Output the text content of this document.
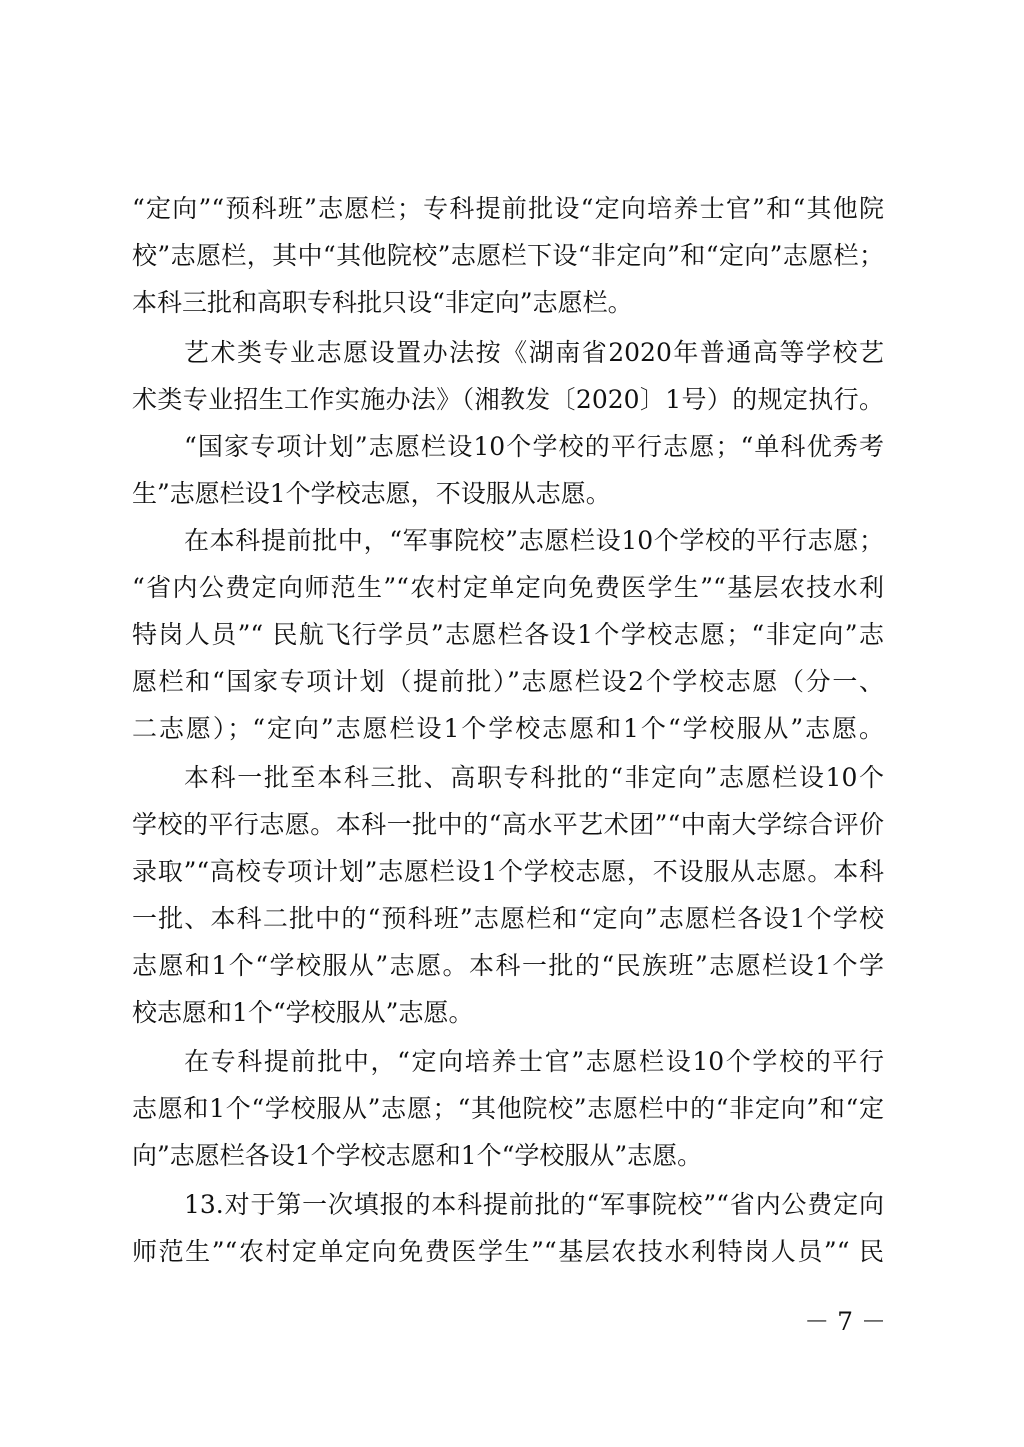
“定向”“预科班”志愿栏；专科提前批设“定向培养士官”和“其他院
校”志愿栏，其中“其他院校”志愿栏下设“非定向”和“定向”志愿栏；
本科三批和高职专科批只设“非定向”志愿栏。
艺术类专业志愿设置办法按《湖南省2020年普通高等学校艺
术类专业招生工作实施办法》（湘教发〔2020〕1号）的规定执行。
“国家专项计划”志愿栏设10个学校的平行志愿；“单科优秀考
生”志愿栏设1个学校志愿，不设服从志愿。
在本科提前批中，“军事院校”志愿栏设10个学校的平行志愿；
“省内公费定向师范生”“农村定单定向免费医学生”“基层农技水利
特岗人员”“ 民航飞行学员”志愿栏各设1个学校志愿；“非定向”志
愿栏和“国家专项计划（提前批）”志愿栏设2个学校志愿（分一、
二志愿）；“定向”志愿栏设1个学校志愿和1个“学校服从”志愿。
本科一批至本科三批、高职专科批的“非定向”志愿栏设10个
学校的平行志愿。本科一批中的“高水平艺术团”“中南大学综合评价
录取”“高校专项计划”志愿栏设1个学校志愿，不设服从志愿。本科
一批、本科二批中的“预科班”志愿栏和“定向”志愿栏各设1个学校
志愿和1个“学校服从”志愿。本科一批的“民族班”志愿栏设1个学
校志愿和1个“学校服从”志愿。
在专科提前批中，“定向培养士官”志愿栏设10个学校的平行
志愿和1个“学校服从”志愿；“其他院校”志愿栏中的“非定向”和“定
向”志愿栏各设1个学校志愿和1个“学校服从”志愿。
13.对于第一次填报的本科提前批的“军事院校”“省内公费定向
师范生”“农村定单定向免费医学生”“基层农技水利特岗人员”“ 民
－ 7 －
